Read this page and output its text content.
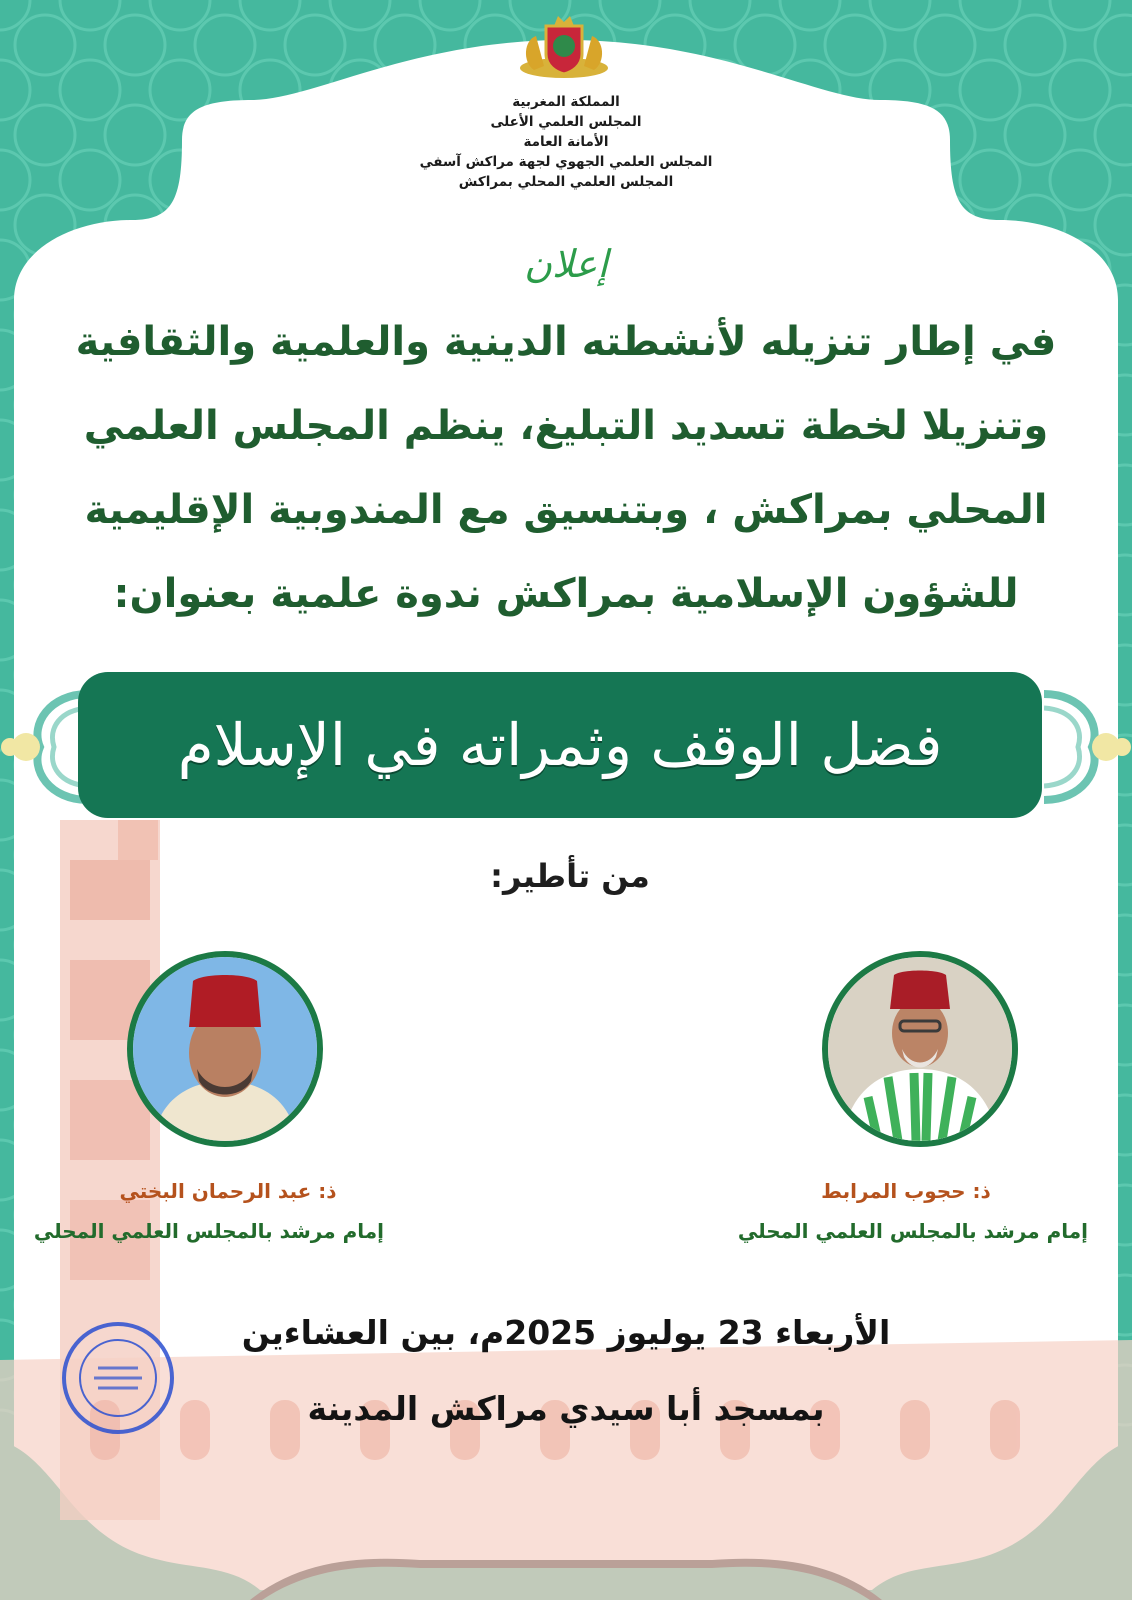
المملكة المغربية
المجلس العلمي الأعلى
الأمانة العامة
المجلس العلمي الجهوي لجهة مراكش آسفي
المجلس العلمي المحلي بمراكش
إعلان
في إطار تنزيله لأنشطته الدينية والعلمية والثقافية
وتنزيلا لخطة تسديد التبليغ، ينظم المجلس العلمي
المحلي بمراكش ، وبتنسيق مع المندوبية الإقليمية
للشؤون الإسلامية بمراكش ندوة علمية بعنوان:
فضل الوقف وثمراته في الإسلام
من تأطير:
ذ: عبد الرحمان البختي
إمام مرشد بالمجلس العلمي المحلي
ذ: حجوب المرابط
إمام مرشد بالمجلس العلمي المحلي
الأربعاء 23 يوليوز 2025م، بين العشاءين
بمسجد أبا سيدي مراكش المدينة
